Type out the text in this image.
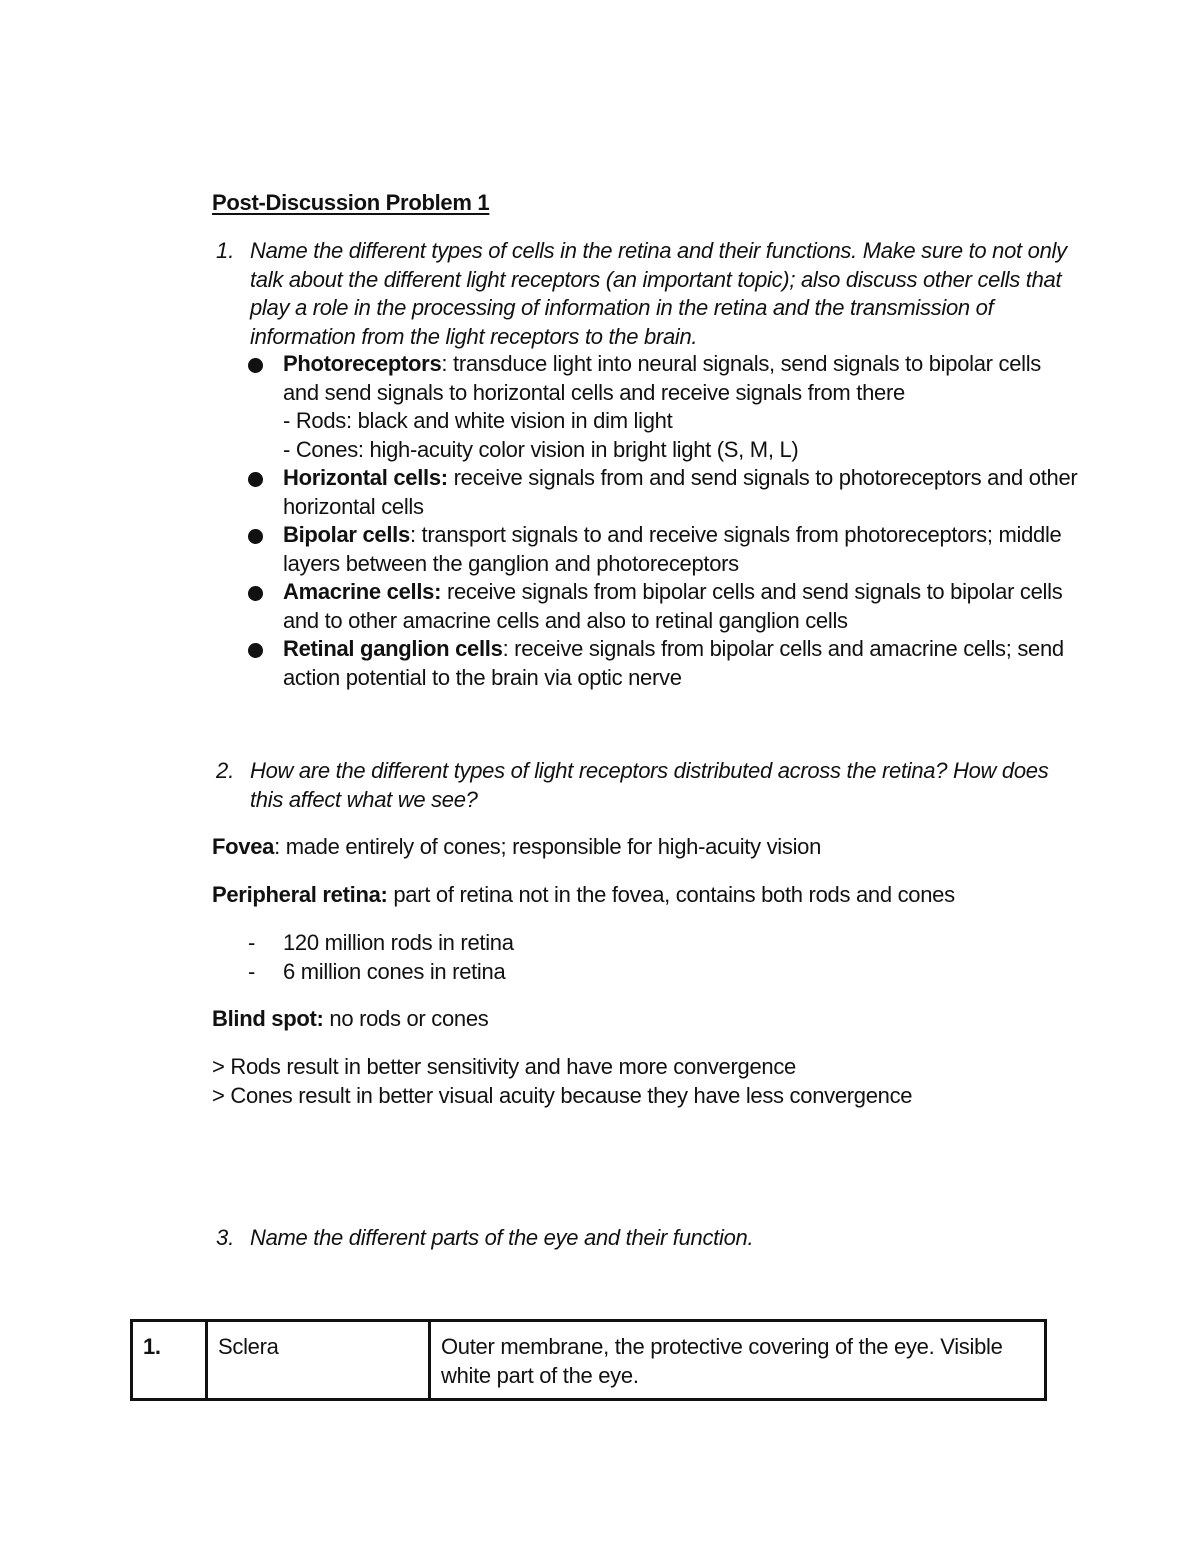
Post-Discussion Problem 1
1. Name the different types of cells in the retina and their functions. Make sure to not only talk about the different light receptors (an important topic); also discuss other cells that play a role in the processing of information in the retina and the transmission of information from the light receptors to the brain.
Photoreceptors: transduce light into neural signals, send signals to bipolar cells and send signals to horizontal cells and receive signals from there
- Rods: black and white vision in dim light
- Cones: high-acuity color vision in bright light (S, M, L)
Horizontal cells: receive signals from and send signals to photoreceptors and other horizontal cells
Bipolar cells: transport signals to and receive signals from photoreceptors; middle layers between the ganglion and photoreceptors
Amacrine cells: receive signals from bipolar cells and send signals to bipolar cells and to other amacrine cells and also to retinal ganglion cells
Retinal ganglion cells: receive signals from bipolar cells and amacrine cells; send action potential to the brain via optic nerve
2. How are the different types of light receptors distributed across the retina? How does this affect what we see?
Fovea: made entirely of cones; responsible for high-acuity vision
Peripheral retina: part of retina not in the fovea, contains both rods and cones
- 120 million rods in retina
- 6 million cones in retina
Blind spot: no rods or cones
> Rods result in better sensitivity and have more convergence
> Cones result in better visual acuity because they have less convergence
3. Name the different parts of the eye and their function.
1.	Sclera	Outer membrane, the protective covering of the eye. Visible white part of the eye.
